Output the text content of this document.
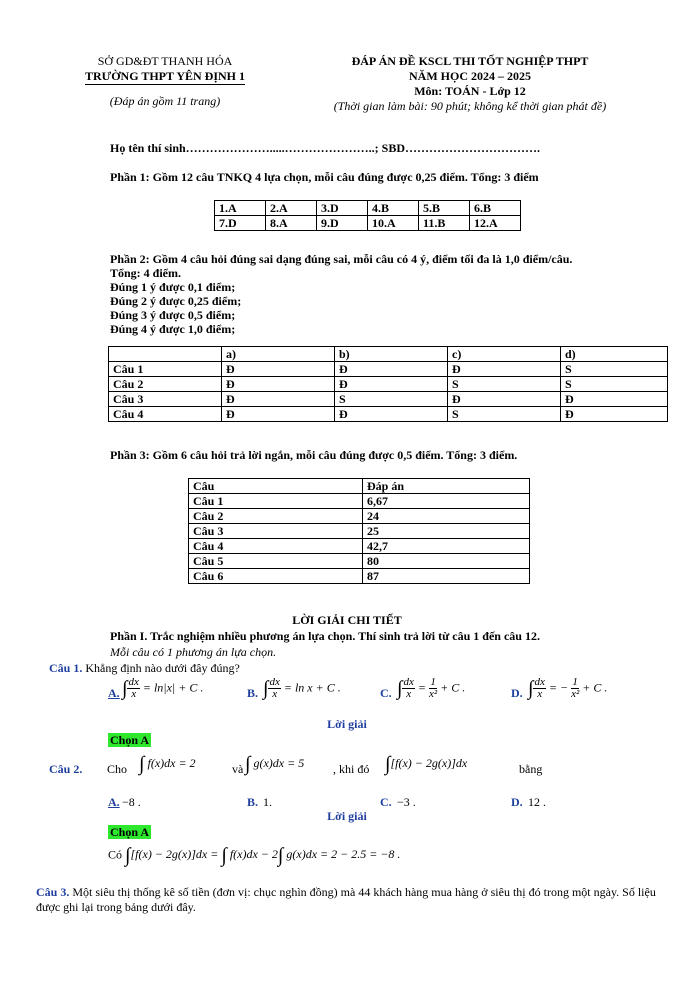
SỞ GD&ĐT THANH HÓA
TRƯỜNG THPT YÊN ĐỊNH 1
(Đáp án gồm 11 trang)
ĐÁP ÁN ĐỀ KSCL THI TỐT NGHIỆP THPT
NĂM HỌC 2024 – 2025
Môn: TOÁN - Lớp 12
(Thời gian làm bài: 90 phút; không kể thời gian phát đề)
Họ tên thí sinh………………….....…………………..; SBD…………………………….
Phần 1: Gồm 12 câu TNKQ 4 lựa chọn, mỗi câu đúng được 0,25 điểm. Tổng: 3 điểm
1.A	2.A	3.D	4.B	5.B	6.B
7.D	8.A	9.D	10.A	11.B	12.A
Phần 2: Gồm 4 câu hỏi đúng sai dạng đúng sai, mỗi câu có 4 ý, điểm tối đa là 1,0 điểm/câu.
Tổng: 4 điểm.
Đúng 1 ý được 0,1 điểm;
Đúng 2 ý được 0,25 điểm;
Đúng 3 ý được 0,5 điểm;
Đúng 4 ý được 1,0 điểm;
	a)	b)	c)	d)
Câu 1	Đ	Đ	Đ	S
Câu 2	Đ	Đ	S	S
Câu 3	Đ	S	Đ	Đ
Câu 4	Đ	Đ	S	Đ
Phần 3: Gồm 6 câu hỏi trả lời ngắn, mỗi câu đúng được 0,5 điểm. Tổng: 3 điểm.
Câu	Đáp án
Câu 1	6,67
Câu 2	24
Câu 3	25
Câu 4	42,7
Câu 5	80
Câu 6	87
LỜI GIẢI CHI TIẾT
Phần I. Trắc nghiệm nhiều phương án lựa chọn. Thí sinh trả lời từ câu 1 đến câu 12.
Mỗi câu có 1 phương án lựa chọn.
Câu 1. Khẳng định nào dưới đây đúng?
A. ∫ $\frac{dx}{x} = \ln|x| + C$ .	B. ∫ $\frac{dx}{x} = \ln x + C$ .	C. ∫ $\frac{dx}{x} = \frac{1}{\text{x²}} + C$ .	D. ∫ $\frac{dx}{x}$ = − $\frac{1}{\text{x²}} + C$ .
Lời giải
Chọn A
Câu 2. Cho ∫ f(x)dx = 2	và ∫ g(x)dx = 5 , khi đó ∫[f(x) − 2g(x)]dx	bằng
A. −8 .	B. 1.	C. −3 .	D. 12 .
Lời giải
Chọn A
Có ∫[f(x) − 2g(x)]dx = ∫ f(x)dx − 2∫ g(x)dx = 2 − 2.5 = −8 .
Câu 3. Một siêu thị thống kê số tiền (đơn vị: chục nghìn đồng) mà 44 khách hàng mua hàng ở siêu thị đó trong một ngày. Số liệu được ghi lại trong bảng dưới đây.
